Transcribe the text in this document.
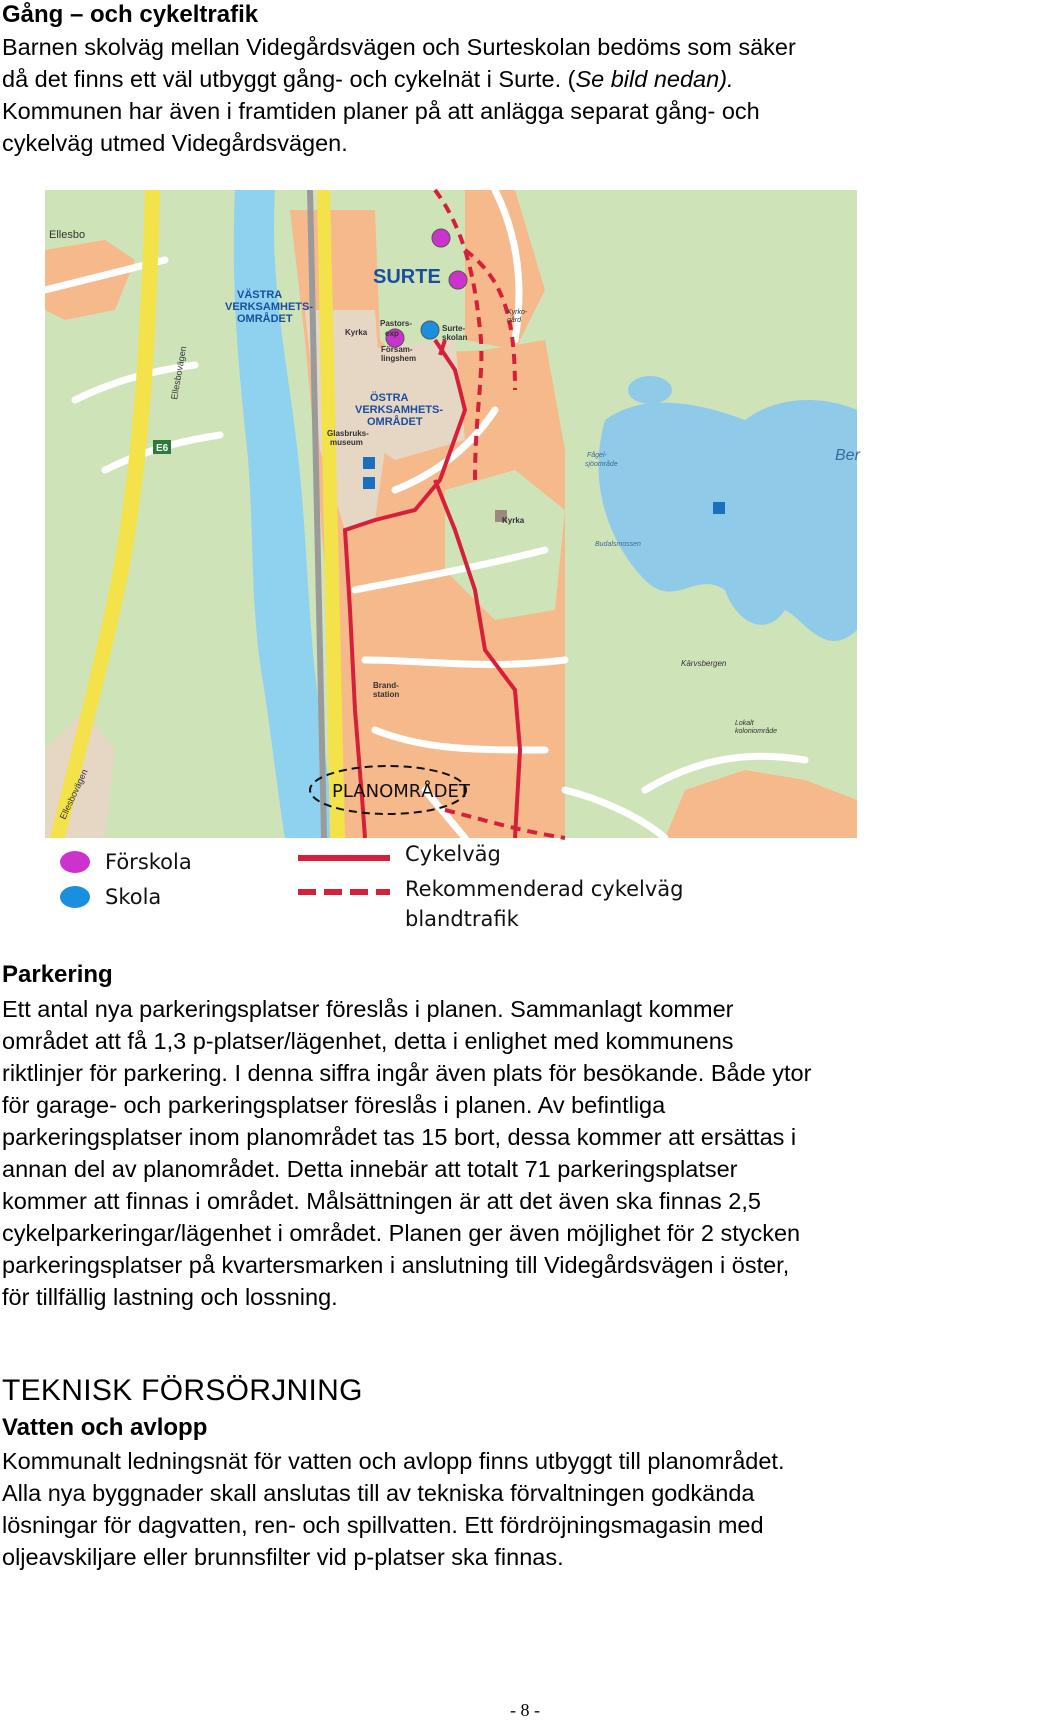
Gång – och cykeltrafik

Barnen skolväg mellan Videgårdsvägen och Surteskolan bedöms som säker
då det finns ett väl utbyggt gång- och cykelnät i Surte. (Se bild nedan).
Kommunen har även i framtiden planer på att anlägga separat gång- och
cykelväg utmed Videgårdsvägen.

Ellesbo
SURTE
VÄSTRA
VERKSAMHETS-
OMRÅDET
ÖSTRA
VERKSAMHETS-
OMRÅDET
Kyrka
Pastors-
exp
Försam-
lingshem
Surte-
skolan
Kyrko-
gård
Glasbruks-
museum
Kyrka
Brand-
station
Ellesbovägen
Ellesbovägen
E6
Fågel-
sjöområde
Budalsmossen
Kärvsbergen
Lokalt
koloniområde
Ber
PLANOMRÅDET
Förskola
Skola
Cykelväg
Rekommenderad cykelväg
blandtrafik
Parkering
Ett antal nya parkeringsplatser föreslås i planen. Sammanlagt kommer
området att få 1,3 p-platser/lägenhet, detta i enlighet med kommunens
riktlinjer för parkering. I denna siffra ingår även plats för besökande. Både ytor
för garage- och parkeringsplatser föreslås i planen. Av befintliga
parkeringsplatser inom planområdet tas 15 bort, dessa kommer att ersättas i
annan del av planområdet. Detta innebär att totalt 71 parkeringsplatser
kommer att finnas i området. Målsättningen är att det även ska finnas 2,5
cykelparkeringar/lägenhet i området. Planen ger även möjlighet för 2 stycken
parkeringsplatser på kvartersmarken i anslutning till Videgårdsvägen i öster,
för tillfällig lastning och lossning.
TEKNISK FÖRSÖRJNING
Vatten och avlopp
Kommunalt ledningsnät för vatten och avlopp finns utbyggt till planområdet.
Alla nya byggnader skall anslutas till av tekniska förvaltningen godkända
lösningar för dagvatten, ren- och spillvatten. Ett fördröjningsmagasin med
oljeavskiljare eller brunnsfilter vid p-platser ska finnas.
- 8 -
